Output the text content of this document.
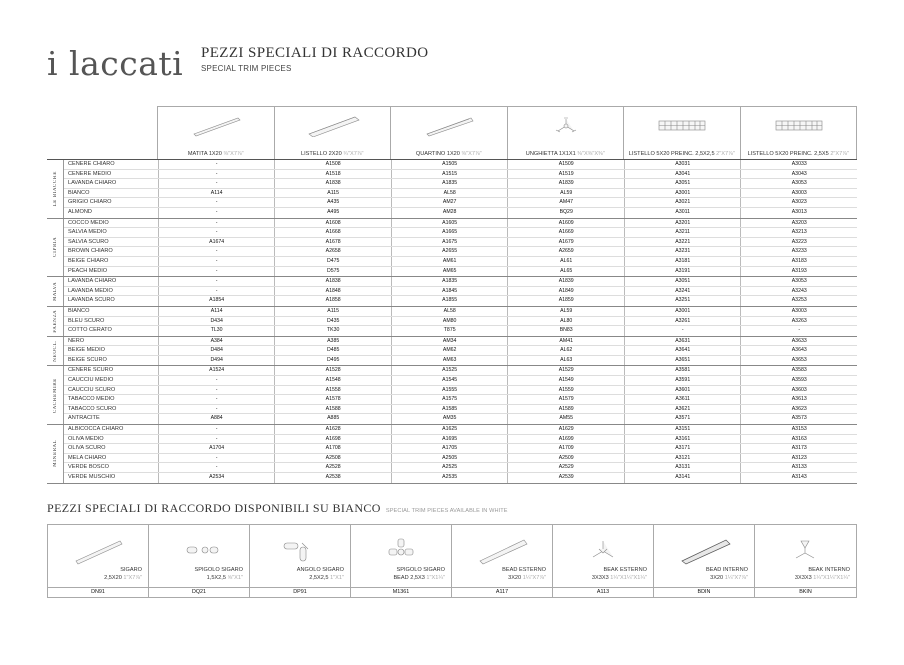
i laccati PEZZI SPECIALI DI RACCORDO
SPECIAL TRIM PIECES
MATITA 1X20 ⅜"X7⅞"	LISTELLO 2X20 ¾"X7⅞"	QUARTINO 1X20 ⅜"X7⅞"	UNGHIETTA 1X1X1 ⅜"X⅜"X⅜"	LISTELLO 5X20 PREINC. 2,5X2,5 2"X7⅞"	LISTELLO 5X20 PREINC. 2,5X5 2"X7⅞"
LE BIACCHE
CENERE CHIARO	-	A1508	A1505	A1509	A3031	A3033
CENERE MEDIO	-	A1518	A1515	A1519	A3041	A3043
LAVANDA CHIARO	-	A1838	A1835	A1839	A3051	A3053
BIANCO	A114	A115	AL58	AL59	A3001	A3003
GRIGIO CHIARO	-	A435	AM27	AM47	A3021	A3023
ALMOND	-	A495	AM28	BQ29	A3011	A3013
CIPRIA
COCCO MEDIO	-	A1608	A1605	A1609	A3201	A3203
SALVIA MEDIO	-	A1668	A1665	A1669	A3211	A3213
SALVIA SCURO	A1674	A1678	A1675	A1679	A3221	A3223
BROWN CHIARO	-	A2658	A2655	A2659	A3231	A3233
BEIGE CHIARO	-	D475	AM61	AL61	A3181	A3183
PEACH MEDIO	-	D575	AM65	AL65	A3191	A3193
MALVA
LAVANDA CHIARO	-	A1838	A1835	A1839	A3051	A3053
LAVANDA MEDIO	-	A1848	A1845	A1849	A3241	A3243
LAVANDA SCURO	A1854	A1858	A1855	A1859	A3251	A3253
FAENZA	BIANCO	A114	A115	AL58	AL59	A3001	A3003
BLEU SCURO	D434	D435	AM80	AL80	A3261	A3263
COTTO CERATO	TL30	TK30	T875	BN83	-	-
NEOCL.	NERO	A384	A385	AM34	AM41	A3631	A3633
BEIGE MEDIO	D484	D485	AM62	AL62	A3641	A3643
BEIGE SCURO	D494	D495	AM63	AL63	A3651	A3653
CACHEMIRE
CENERE SCURO	A1524	A1528	A1525	A1529	A3581	A3583
CAUCCIU MEDIO	-	A1548	A1545	A1549	A3591	A3593
CAUCCIU SCURO	-	A1558	A1555	A1559	A3601	A3603
TABACCO MEDIO	-	A1578	A1575	A1579	A3611	A3613
TABACCO SCURO	-	A1588	A1585	A1589	A3621	A3623
ANTRACITE	A884	A885	AM35	AM55	A3571	A3573
MINERAL
ALBICOCCA CHIARO	-	A1628	A1625	A1629	A3151	A3153
OLIVA MEDIO	-	A1698	A1695	A1699	A3161	A3163
OLIVA SCURO	A1704	A1708	A1705	A1709	A3171	A3173
MELA CHIARO	-	A2508	A2505	A2509	A3121	A3123
VERDE BOSCO	-	A2528	A2525	A2529	A3131	A3133
VERDE MUSCHIO	A2534	A2538	A2535	A2539	A3141	A3143
PEZZI SPECIALI DI RACCORDO DISPONIBILI SU BIANCO SPECIAL TRIM PIECES AVAILABLE IN WHITE
SIGARO
2,5X20 1"X7⅞"
DN91
SPIGOLO SIGARO
1,5X2,5 ⅝"X1"
DQ21
ANGOLO SIGARO
2,5X2,5 1"X1"
DP91
SPIGOLO SIGARO
BEAD 2,5X3 1"X1¼"
M1361
BEAD ESTERNO
3X20 1¼"X7⅞"
A117
BEAK ESTERNO
3X3X3 1¼"X1¼"X1¼"
A113
BEAD INTERNO
3X20 1¼"X7⅞"
BDIN
BEAK INTERNO
3X3X3 1¼"X1¼"X1¼"
BKIN
